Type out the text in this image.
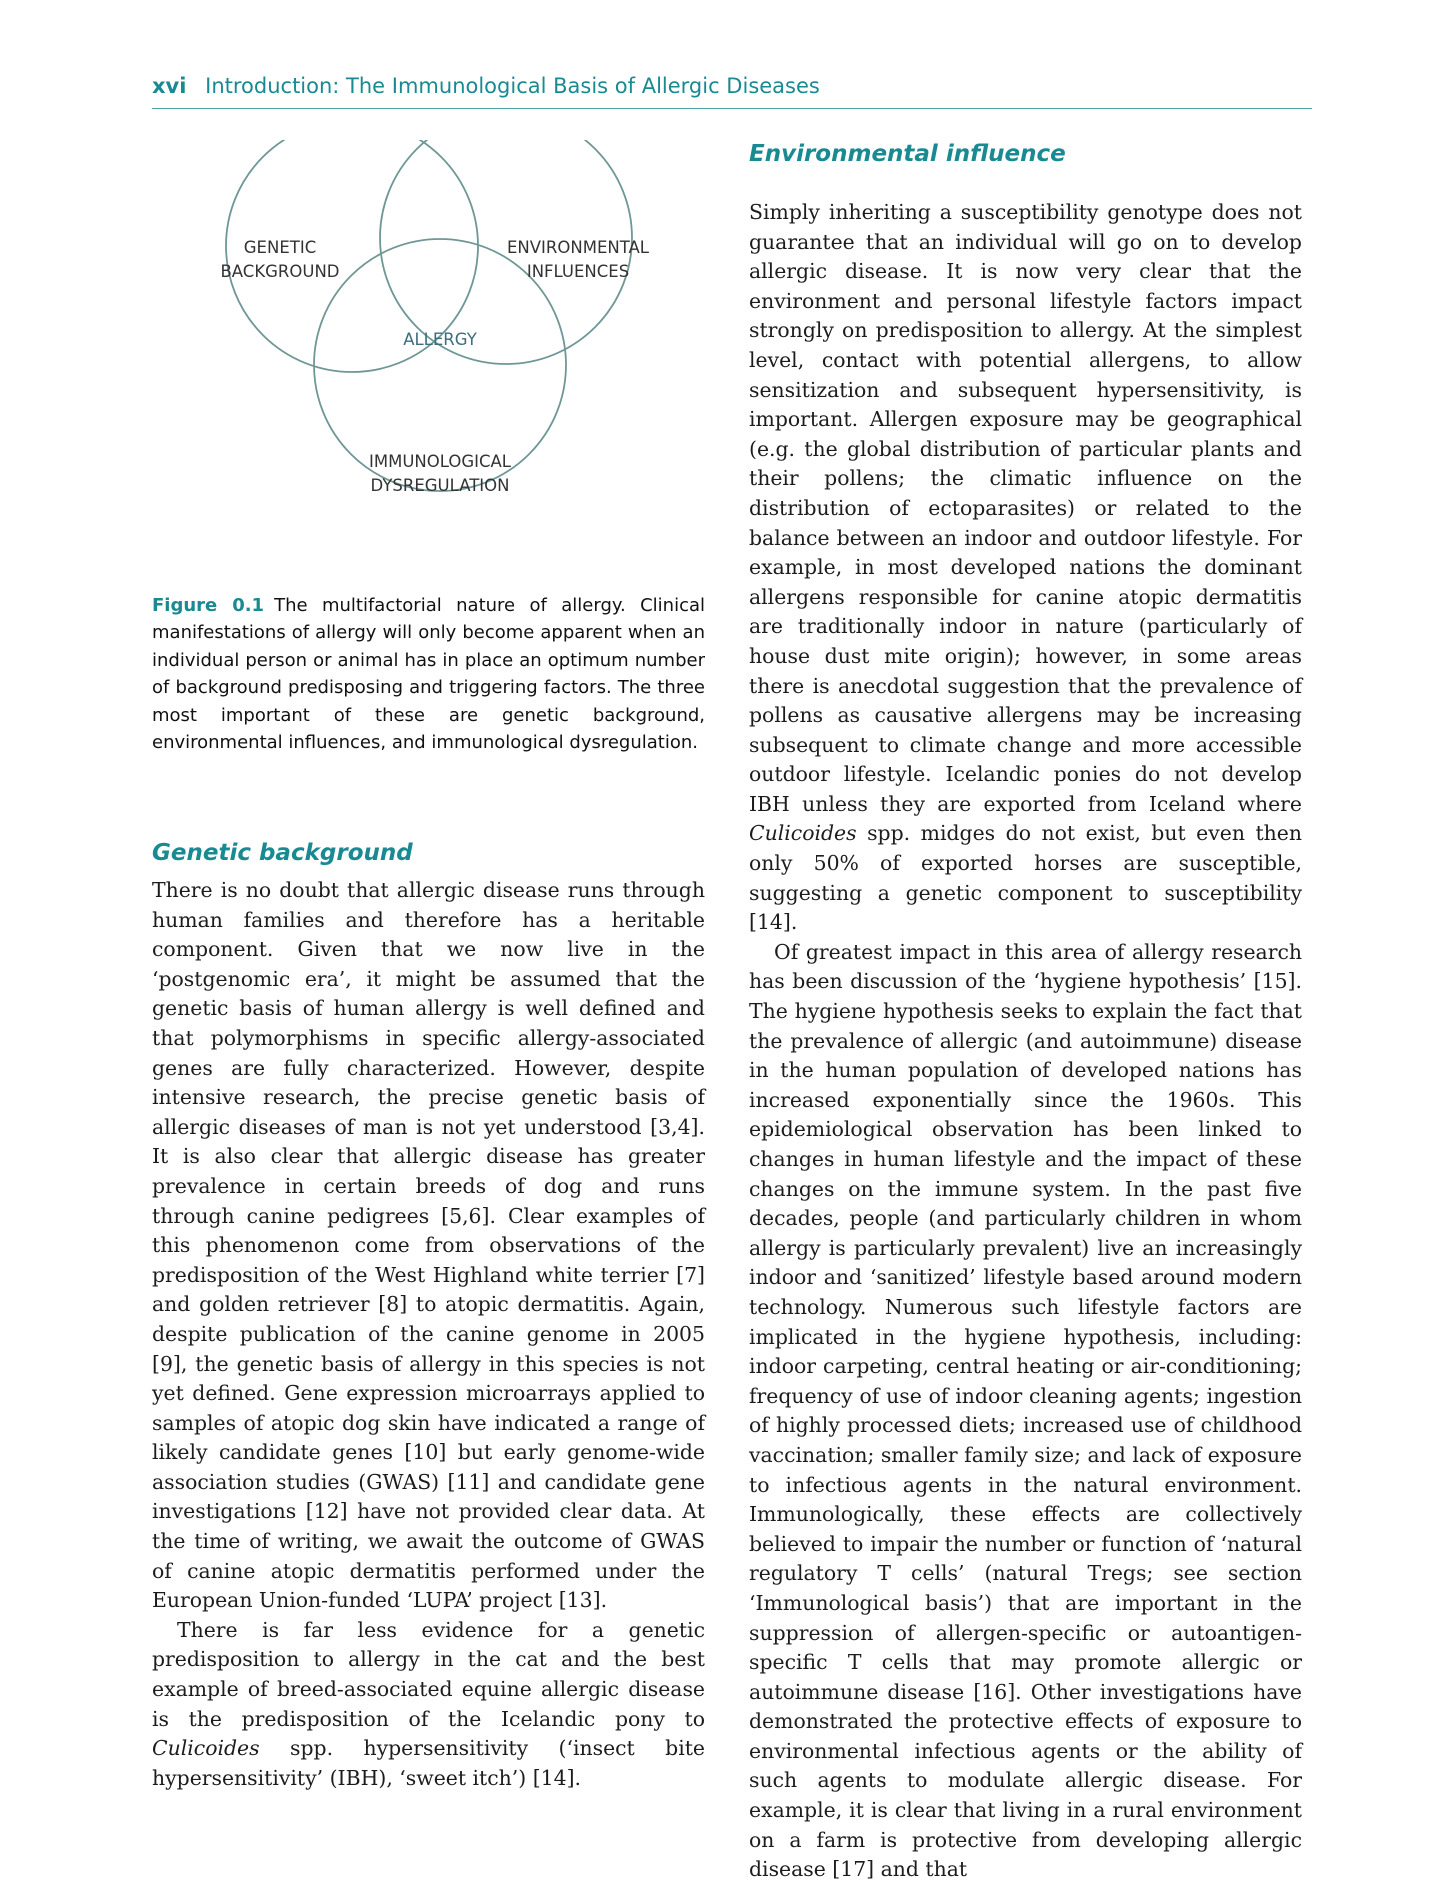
xvi Introduction: The Immunological Basis of Allergic Diseases
GENETIC
BACKGROUND
ENVIRONMENTAL
INFLUENCES
ALLERGY
IMMUNOLOGICAL
DYSREGULATION
Figure 0.1 The multifactorial nature of allergy. Clinical manifestations of allergy will only become apparent when an individual person or animal has in place an optimum number of background predisposing and triggering factors. The three most important of these are genetic background, environmental influences, and immunological dysregulation.
Genetic background

There is no doubt that allergic disease runs through human families and therefore has a heritable component. Given that we now live in the ‘postgenomic era’, it might be assumed that the genetic basis of human allergy is well defined and that polymorphisms in specific allergy-associated genes are fully characterized. However, despite intensive research, the precise genetic basis of allergic diseases of man is not yet understood [3,4]. It is also clear that allergic disease has greater prevalence in certain breeds of dog and runs through canine pedigrees [5,6]. Clear examples of this phenomenon come from observations of the predisposition of the West Highland white terrier [7] and golden retriever [8] to atopic dermatitis. Again, despite publication of the canine genome in 2005 [9], the genetic basis of allergy in this species is not yet defined. Gene expression microarrays applied to samples of atopic dog skin have indicated a range of likely candidate genes [10] but early genome-wide association studies (GWAS) [11] and candidate gene investigations [12] have not provided clear data. At the time of writing, we await the outcome of GWAS of canine atopic dermatitis performed under the European Union-funded ‘LUPA’ project [13].

There is far less evidence for a genetic predisposition to allergy in the cat and the best example of breed-associated equine allergic disease is the predisposition of the Icelandic pony to Culicoides spp. hypersensitivity (‘insect bite hypersensitivity’ (IBH), ‘sweet itch’) [14].

Environmental influence

Simply inheriting a susceptibility genotype does not guarantee that an individual will go on to develop allergic disease. It is now very clear that the environment and personal lifestyle factors impact strongly on predisposition to allergy. At the simplest level, contact with potential allergens, to allow sensitization and subsequent hypersensitivity, is important. Allergen exposure may be geographical (e.g. the global distribution of particular plants and their pollens; the climatic influence on the distribution of ectoparasites) or related to the balance between an indoor and outdoor lifestyle. For example, in most developed nations the dominant allergens responsible for canine atopic dermatitis are traditionally indoor in nature (particularly of house dust mite origin); however, in some areas there is anecdotal suggestion that the prevalence of pollens as causative allergens may be increasing subsequent to climate change and more accessible outdoor lifestyle. Icelandic ponies do not develop IBH unless they are exported from Iceland where Culicoides spp. midges do not exist, but even then only 50% of exported horses are susceptible, suggesting a genetic component to susceptibility [14].

Of greatest impact in this area of allergy research has been discussion of the ‘hygiene hypothesis’ [15]. The hygiene hypothesis seeks to explain the fact that the prevalence of allergic (and autoimmune) disease in the human population of developed nations has increased exponentially since the 1960s. This epidemiological observation has been linked to changes in human lifestyle and the impact of these changes on the immune system. In the past five decades, people (and particularly children in whom allergy is particularly prevalent) live an increasingly indoor and ‘sanitized’ lifestyle based around modern technology. Numerous such lifestyle factors are implicated in the hygiene hypothesis, including: indoor carpeting, central heating or air-conditioning; frequency of use of indoor cleaning agents; ingestion of highly processed diets; increased use of childhood vaccination; smaller family size; and lack of exposure to infectious agents in the natural environment. Immunologically, these effects are collectively believed to impair the number or function of ‘natural regulatory T cells’ (natural Tregs; see section ‘Immunological basis’) that are important in the suppression of allergen-specific or autoantigen-specific T cells that may promote allergic or autoimmune disease [16]. Other investigations have demonstrated the protective effects of exposure to environmental infectious agents or the ability of such agents to modulate allergic disease. For example, it is clear that living in a rural environment on a farm is protective from developing allergic disease [17] and that
